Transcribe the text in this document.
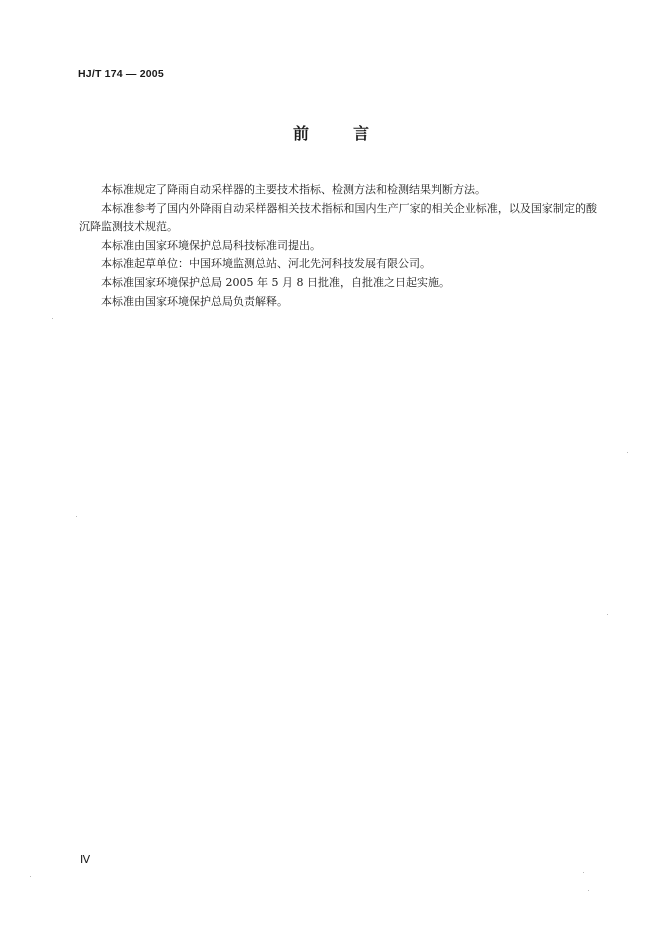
HJ/T 174 — 2005
前言

本标准规定了降雨自动采样器的主要技术指标、检测方法和检测结果判断方法。

本标准参考了国内外降雨自动采样器相关技术指标和国内生产厂家的相关企业标准，以及国家制定的酸沉降监测技术规范。

本标准由国家环境保护总局科技标准司提出。

本标准起草单位：中国环境监测总站、河北先河科技发展有限公司。

本标准国家环境保护总局 2005 年 5 月 8 日批准，自批准之日起实施。

本标准由国家环境保护总局负责解释。

Ⅳ
